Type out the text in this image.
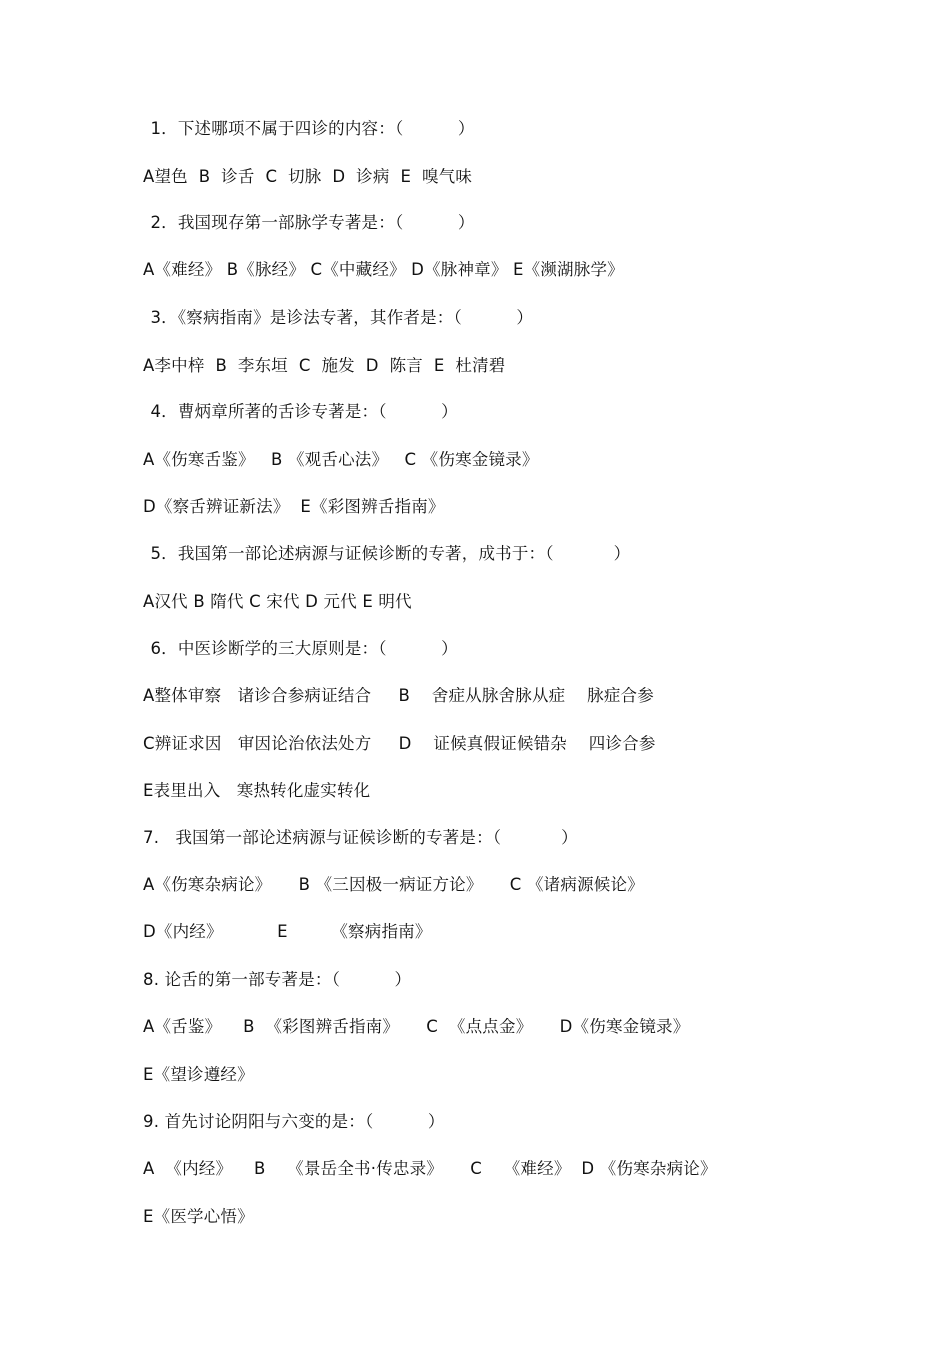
1．下述哪项不属于四诊的内容：（          ）
A望色  B  诊舌  C  切脉  D  诊病  E  嗅气味
2．我国现存第一部脉学专著是：（          ）
A《难经》 B《脉经》 C《中藏经》 D《脉神章》 E《濒湖脉学》
3．《察病指南》是诊法专著，其作者是：（          ）
A李中梓  B  李东垣  C  施发  D  陈言  E  杜清碧
4．曹炳章所著的舌诊专著是：（          ）
A《伤寒舌鉴》   B 《观舌心法》   C 《伤寒金镜录》
D《察舌辨证新法》  E《彩图辨舌指南》
5．我国第一部论述病源与证候诊断的专著，成书于：（           ）
A汉代 B 隋代 C 宋代 D 元代 E 明代
6．中医诊断学的三大原则是：（          ）
A整体审察   诸诊合参病证结合     B    舍症从脉舍脉从症    脉症合参
C辨证求因   审因论治依法处方     D    证候真假证候错杂    四诊合参
E表里出入   寒热转化虚实转化
7.   我国第一部论述病源与证候诊断的专著是：（           ）
A《伤寒杂病论》     B 《三因极一病证方论》     C 《诸病源候论》
D《内经》          E        《察病指南》
8. 论舌的第一部专著是：（          ）
A《舌鉴》    B  《彩图辨舌指南》     C  《点点金》     D《伤寒金镜录》
E《望诊遵经》
9. 首先讨论阴阳与六变的是：（          ）
A  《内经》    B    《景岳全书·传忠录》     C    《难经》  D 《伤寒杂病论》
E《医学心悟》
